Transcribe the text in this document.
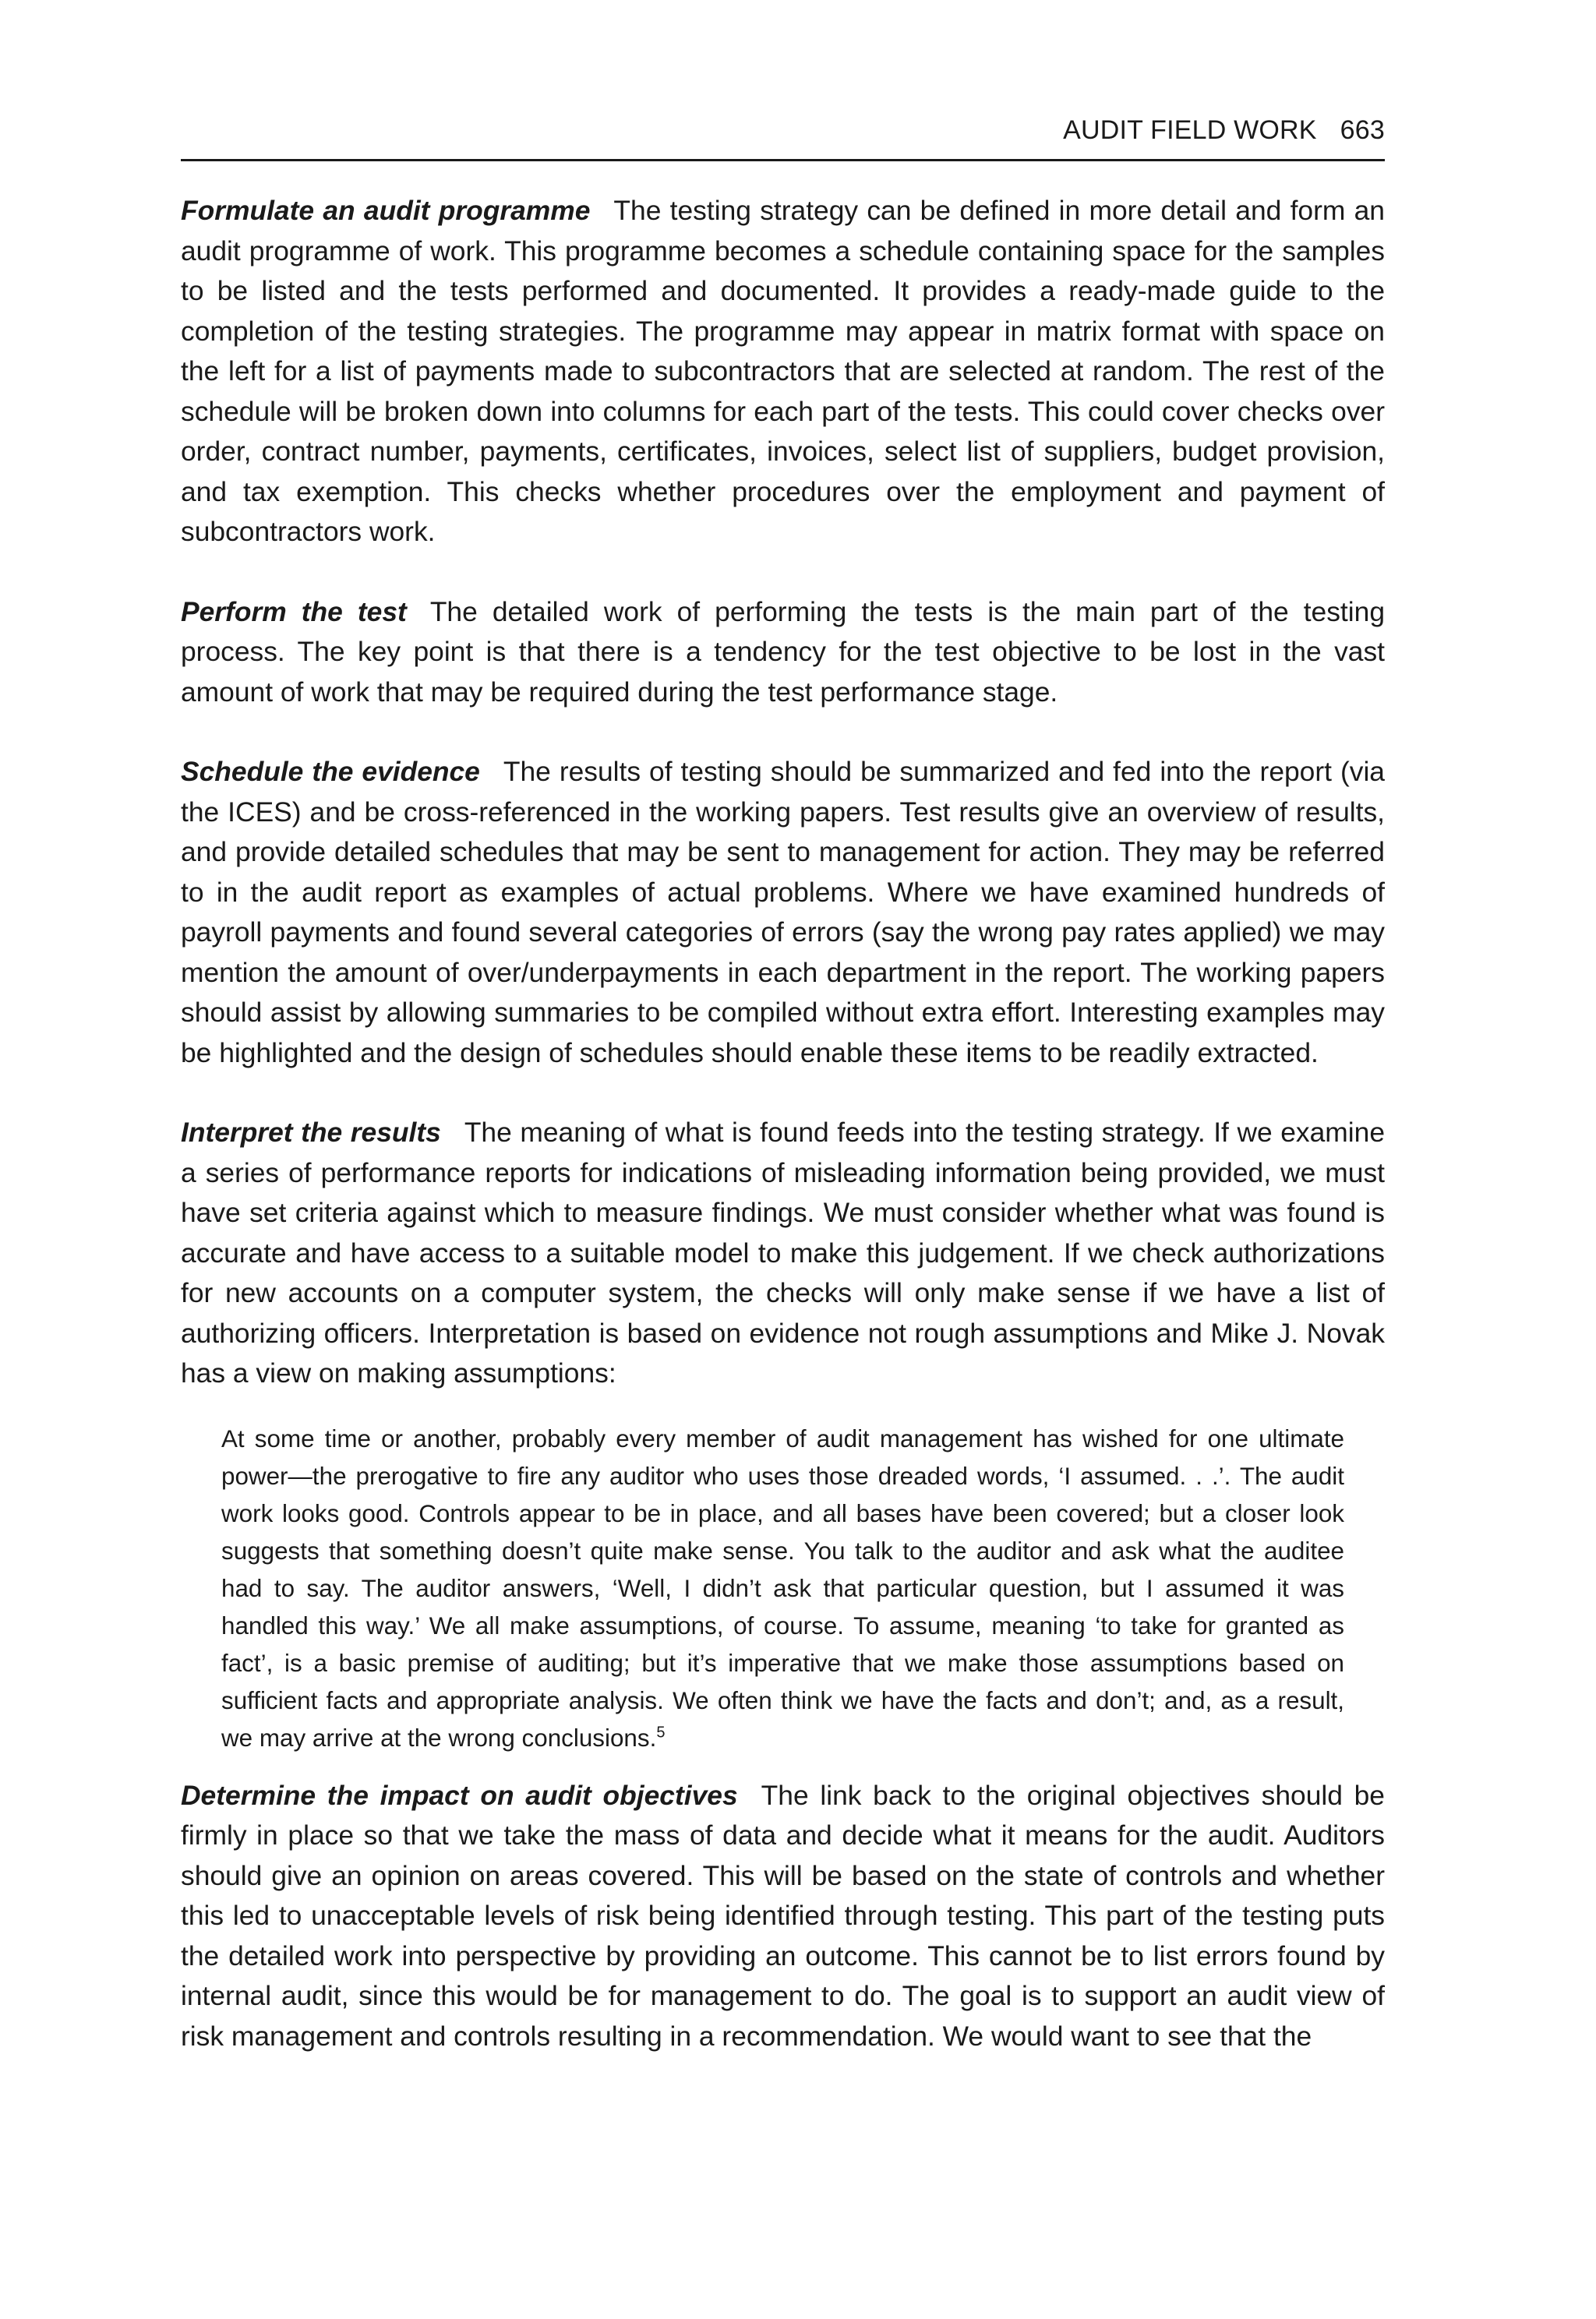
AUDIT FIELD WORK 663

Formulate an audit programme The testing strategy can be defined in more detail and form an audit programme of work. This programme becomes a schedule containing space for the samples to be listed and the tests performed and documented. It provides a ready-made guide to the completion of the testing strategies. The programme may appear in matrix format with space on the left for a list of payments made to subcontractors that are selected at random. The rest of the schedule will be broken down into columns for each part of the tests. This could cover checks over order, contract number, payments, certificates, invoices, select list of suppliers, budget provision, and tax exemption. This checks whether procedures over the employment and payment of subcontractors work.

Perform the test The detailed work of performing the tests is the main part of the testing process. The key point is that there is a tendency for the test objective to be lost in the vast amount of work that may be required during the test performance stage.

Schedule the evidence The results of testing should be summarized and fed into the report (via the ICES) and be cross-referenced in the working papers. Test results give an overview of results, and provide detailed schedules that may be sent to management for action. They may be referred to in the audit report as examples of actual problems. Where we have examined hundreds of payroll payments and found several categories of errors (say the wrong pay rates applied) we may mention the amount of over/underpayments in each department in the report. The working papers should assist by allowing summaries to be compiled without extra effort. Interesting examples may be highlighted and the design of schedules should enable these items to be readily extracted.

Interpret the results The meaning of what is found feeds into the testing strategy. If we examine a series of performance reports for indications of misleading information being provided, we must have set criteria against which to measure findings. We must consider whether what was found is accurate and have access to a suitable model to make this judgement. If we check authorizations for new accounts on a computer system, the checks will only make sense if we have a list of authorizing officers. Interpretation is based on evidence not rough assumptions and Mike J. Novak has a view on making assumptions:

At some time or another, probably every member of audit management has wished for one ultimate power—the prerogative to fire any auditor who uses those dreaded words, ‘I assumed. . .’. The audit work looks good. Controls appear to be in place, and all bases have been covered; but a closer look suggests that something doesn’t quite make sense. You talk to the auditor and ask what the auditee had to say. The auditor answers, ‘Well, I didn’t ask that particular question, but I assumed it was handled this way.’ We all make assumptions, of course. To assume, meaning ‘to take for granted as fact’, is a basic premise of auditing; but it’s imperative that we make those assumptions based on sufficient facts and appropriate analysis. We often think we have the facts and don’t; and, as a result, we may arrive at the wrong conclusions.$^5$

Determine the impact on audit objectives The link back to the original objectives should be firmly in place so that we take the mass of data and decide what it means for the audit. Auditors should give an opinion on areas covered. This will be based on the state of controls and whether this led to unacceptable levels of risk being identified through testing. This part of the testing puts the detailed work into perspective by providing an outcome. This cannot be to list errors found by internal audit, since this would be for management to do. The goal is to support an audit view of risk management and controls resulting in a recommendation. We would want to see that the
